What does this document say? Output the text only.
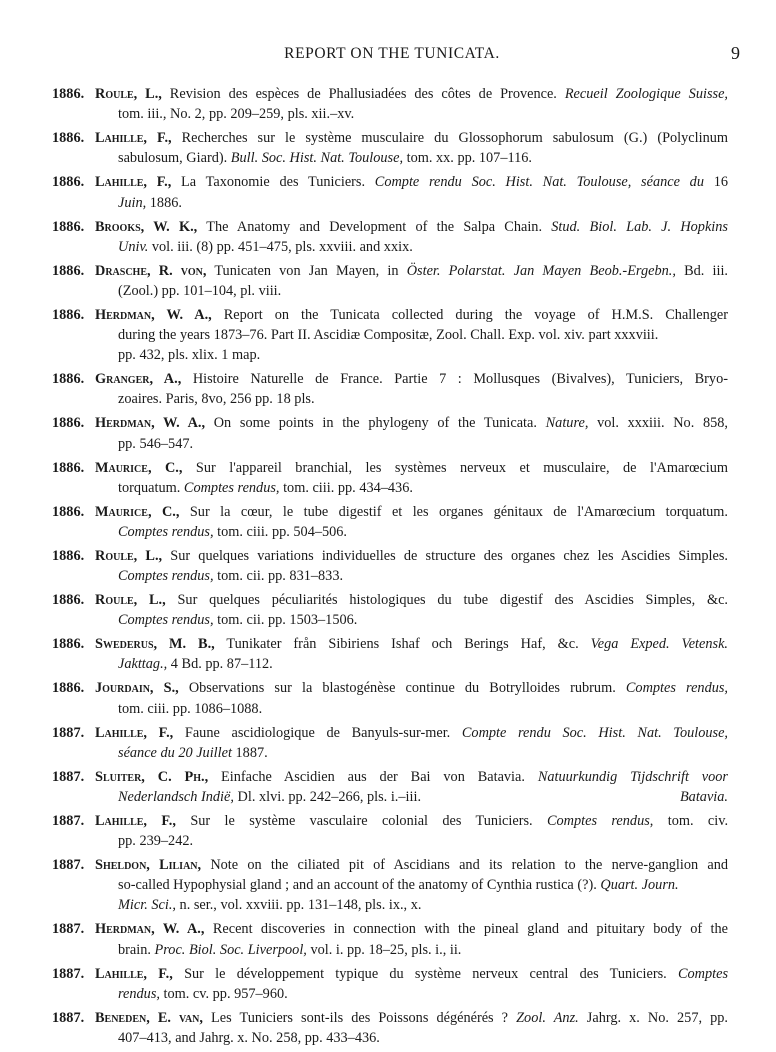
REPORT ON THE TUNICATA.	9
1886. Roule, L., Revision des espèces de Phallusiadées des côtes de Provence. Recueil Zoologique Suisse,
tom. iii., No. 2, pp. 209–259, pls. xii.–xv.
1886. Lahille, F., Recherches sur le système musculaire du Glossophorum sabulosum (G.) (Polyclinum
sabulosum, Giard). Bull. Soc. Hist. Nat. Toulouse, tom. xx. pp. 107–116.
1886. Lahille, F., La Taxonomie des Tuniciers. Compte rendu Soc. Hist. Nat. Toulouse, séance du 16
Juin, 1886.
1886. Brooks, W. K., The Anatomy and Development of the Salpa Chain. Stud. Biol. Lab. J. Hopkins
Univ. vol. iii. (8) pp. 451–475, pls. xxviii. and xxix.
1886. Drasche, R. von, Tunicaten von Jan Mayen, in Öster. Polarstat. Jan Mayen Beob.-Ergebn., Bd. iii.
(Zool.) pp. 101–104, pl. viii.
1886. Herdman, W. A., Report on the Tunicata collected during the voyage of H.M.S. Challenger
during the years 1873–76. Part II. Ascidiæ Compositæ, Zool. Chall. Exp. vol. xiv. part xxxviii.
pp. 432, pls. xlix. 1 map.
1886. Granger, A., Histoire Naturelle de France. Partie 7 : Mollusques (Bivalves), Tuniciers, Bryo-
zoaires. Paris, 8vo, 256 pp. 18 pls.
1886. Herdman, W. A., On some points in the phylogeny of the Tunicata. Nature, vol. xxxiii. No. 858,
pp. 546–547.
1886. Maurice, C., Sur l'appareil branchial, les systèmes nerveux et musculaire, de l'Amarœcium
torquatum. Comptes rendus, tom. ciii. pp. 434–436.
1886. Maurice, C., Sur la cœur, le tube digestif et les organes génitaux de l'Amarœcium torquatum.
Comptes rendus, tom. ciii. pp. 504–506.
1886. Roule, L., Sur quelques variations individuelles de structure des organes chez les Ascidies Simples.
Comptes rendus, tom. cii. pp. 831–833.
1886. Roule, L., Sur quelques péculiarités histologiques du tube digestif des Ascidies Simples, &c.
Comptes rendus, tom. cii. pp. 1503–1506.
1886. Swederus, M. B., Tunikater från Sibiriens Ishaf och Berings Haf, &c. Vega Exped. Vetensk.
Jakttag., 4 Bd. pp. 87–112.
1886. Jourdain, S., Observations sur la blastogénèse continue du Botrylloides rubrum. Comptes rendus,
tom. ciii. pp. 1086–1088.
1887. Lahille, F., Faune ascidiologique de Banyuls-sur-mer. Compte rendu Soc. Hist. Nat. Toulouse,
séance du 20 Juillet 1887.
1887. Sluiter, C. Ph., Einfache Ascidien aus der Bai von Batavia. Natuurkundig Tijdschrift voor
Batavia.
Nederlandsch Indië, Dl. xlvi. pp. 242–266, pls. i.–iii.
1887. Lahille, F., Sur le système vasculaire colonial des Tuniciers. Comptes rendus, tom. civ.
pp. 239–242.
1887. Sheldon, Lilian, Note on the ciliated pit of Ascidians and its relation to the nerve-ganglion and
so-called Hypophysial gland ; and an account of the anatomy of Cynthia rustica (?). Quart. Journ.
Micr. Sci., n. ser., vol. xxviii. pp. 131–148, pls. ix., x.
1887. Herdman, W. A., Recent discoveries in connection with the pineal gland and pituitary body of the
brain. Proc. Biol. Soc. Liverpool, vol. i. pp. 18–25, pls. i., ii.
1887. Lahille, F., Sur le développement typique du système nerveux central des Tuniciers. Comptes
rendus, tom. cv. pp. 957–960.
1887. Beneden, E. van, Les Tuniciers sont-ils des Poissons dégénérés ? Zool. Anz. Jahrg. x. No. 257, pp.
407–413, and Jahrg. x. No. 258, pp. 433–436.
